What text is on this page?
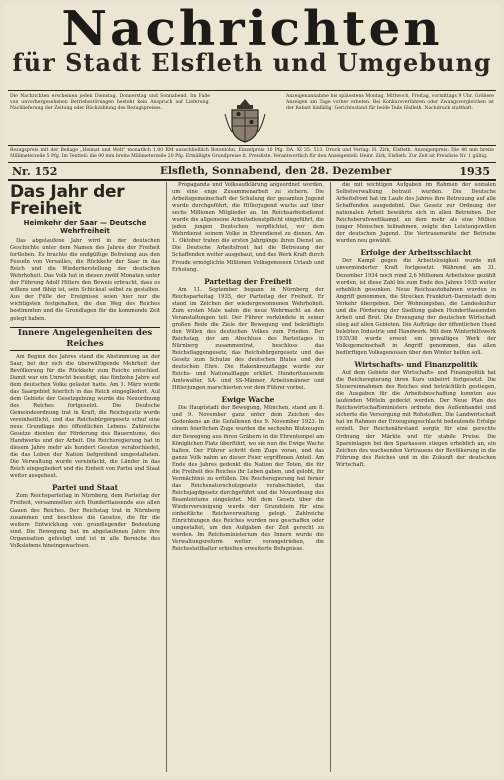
Nachrichten
für Stadt Elsfleth und Umgebung
Die Nachrichten erscheinen jeden Dienstag, Donnerstag und Sonnabend. Im Falle von unvorhergesehenen Betriebsstörungen besteht kein Anspruch auf Lieferung, Nachlieferung der Zeitung oder Rückzahlung des Bezugspreises.
Anzeigenannahme bis spätestens Montag, Mittwoch, Freitag, vormittags 9 Uhr. Größere Anzeigen am Tage vorher erbeten. Bei Konkursverfahren oder Zwangsvergleichen ist der Rabatt hinfällig. Gerichtsstand für beide Teile Elsfleth. Nachdruck statthaft.
Bezugspreis mit der Beilage „Heimat und Welt“ monatlich 1.00 RM ausschließlich Botenlohn, Einzelpreis 10 Pfg. DA. XI 35: 513. Druck und Verlag: H. Zirk, Elsfleth. Anzeigenpreis: Die 46 mm breite Millimeterzeile 5 Pfg. Im Textteil: die 90 mm breite Millimeterzeile 20 Pfg. Ermäßigte Grundpreise lt. Preisliste. Verantwortlich für den Anzeigenteil: Heinr. Zirk, Elsfleth. Zur Zeit ist Preisliste Nr. 1 gültig.
Nr. 152	Elsfleth, Sonnabend, den 28. Dezember	1935
Das Jahr der Freiheit
Heimkehr der Saar — Deutsche Wehrfreiheit

Das abgelaufene Jahr wird in der deutschen Geschichte unter dem Namen des Jahres der Freiheit fortleben. Es brachte die endgültige Befreiung aus den Fesseln von Versailles, die Rückkehr der Saar in das Reich und die Wiederherstellung der deutschen Wehrhoheit. Das Volk hat in diesen zwölf Monaten unter der Führung Adolf Hitlers den Beweis erbracht, dass es willens und fähig ist, sein Schicksal selbst zu gestalten. Aus der Fülle der Ereignisse seien hier nur die wichtigsten festgehalten, die den Weg des Reiches bestimmten und die Grundlagen für die kommende Zeit gelegt haben.

Innere Angelegenheiten des Reiches

Am Beginn des Jahres stand die Abstimmung an der Saar, bei der sich die überwältigende Mehrheit der Bevölkerung für die Rückkehr zum Reiche entschied. Damit war ein Unrecht beseitigt, das fünfzehn Jahre auf dem deutschen Volke gelastet hatte. Am 1. März wurde das Saargebiet feierlich in das Reich eingegliedert. Auf dem Gebiete der Gesetzgebung wurde die Neuordnung des Reiches fortgesetzt. Die Deutsche Gemeindeordnung trat in Kraft, die Reichsjustiz wurde vereinheitlicht, und das Reichsbürgergesetz schuf eine neue Grundlage des öffentlichen Lebens. Zahlreiche Gesetze dienten der Förderung des Bauerntums, des Handwerks und der Arbeit. Die Reichsregierung hat in diesem Jahre mehr als hundert Gesetze verabschiedet, die das Leben der Nation tiefgreifend umgestalteten. Die Verwaltung wurde vereinfacht, die Länder in das Reich eingegliedert und die Einheit von Partei und Staat weiter ausgebaut.

Partei und Staat

Zum Reichsparteitag in Nürnberg, dem Parteitag der Freiheit, versammelten sich Hunderttausende aus allen Gauen des Reiches. Der Reichstag trat in Nürnberg zusammen und beschloss die Gesetze, die für die weitere Entwicklung von grundlegender Bedeutung sind. Die Bewegung hat im abgelaufenen Jahre ihre Organisation gefestigt und ist in alle Bereiche des Volkslebens hineingewachsen.

Propaganda und Volksaufklärung angeordnet worden, um eine enge Zusammenarbeit zu sichern. Die Arbeitsgemeinschaft der Schulung der gesamten Jugend wurde durchgeführt, die Hitlerjugend wuchs auf über sechs Millionen Mitglieder an. Im Reichsarbeitsdienst wurde die allgemeine Arbeitsdienstpflicht eingeführt, die jeden jungen Deutschen verpflichtet, vor dem Wehrdienst seinem Volke in Ehrendienst zu dienen. Am 1. Oktober traten die ersten Jahrgänge ihren Dienst an. Die Deutsche Arbeitsfront hat die Betreuung der Schaffenden weiter ausgebaut, und das Werk Kraft durch Freude ermöglichte Millionen Volksgenossen Urlaub und Erholung.

Parteitag der Freiheit

Am 11. September begann in Nürnberg der Reichsparteitag 1935, der Parteitag der Freiheit. Er stand im Zeichen der wiedergewonnenen Wehrhoheit. Zum ersten Male nahm die neue Wehrmacht an den Veranstaltungen teil. Der Führer verkündete in seiner großen Rede die Ziele der Bewegung und bekräftigte den Willen des deutschen Volkes zum Frieden. Der Reichstag, der am Abschluss des Parteitages in Nürnberg zusammentrat, beschloss das Reichsflaggengesetz, das Reichsbürgergesetz und das Gesetz zum Schutze des deutschen Blutes und der deutschen Ehre. Die Hakenkreuzflagge wurde zur Reichs- und Nationalflagge erklärt. Hunderttausende Amtswalter, SA- und SS-Männer, Arbeitsmänner und Hitlerjungen marschierten vor dem Führer vorbei.

Ewige Wache

Die Hauptstadt der Bewegung, München, stand am 8. und 9. November ganz unter dem Zeichen des Gedenkens an die Gefallenen des 9. November 1923. In einem feierlichen Zuge wurden die sechzehn Blutzeugen der Bewegung aus ihren Gräbern in die Ehrentempel am Königlichen Platz überführt, wo sie nun die Ewige Wache halten. Der Führer schritt dem Zuge voran, und das ganze Volk nahm an dieser Feier ergriffenen Anteil. Am Ende des Jahres gedenkt die Nation der Toten, die für die Freiheit des Reiches ihr Leben gaben, und gelobt, ihr Vermächtnis zu erfüllen. Die Reichsregierung hat ferner das Reichsnaturschutzgesetz verabschiedet, das Reichsjagdgesetz durchgeführt und die Neuordnung des Beamtentums eingeleitet. Mit dem Gesetz über die Wiedervereinigung wurde der Grundstein für eine einheitliche Reichsverwaltung gelegt. Zahlreiche Einrichtungen des Reiches wurden neu geschaffen oder umgestaltet, um den Aufgaben der Zeit gerecht zu werden. Im Reichsministerium des Innern wurde die Verwaltungsreform weiter vorangetrieben, die Reichsstatthalter erhielten erweiterte Befugnisse.

die mit wichtigen Aufgaben im Rahmen der sozialen Selbstverwaltung betraut wurden. Die Deutsche Arbeitsfront hat im Laufe des Jahres ihre Betreuung auf alle Schaffenden ausgedehnt. Das Gesetz zur Ordnung der nationalen Arbeit bewährte sich in allen Betrieben. Der Reichsberufswettkampf, an dem mehr als eine Million junger Menschen teilnahmen, zeigte den Leistungswillen der deutschen Jugend. Die Vertrauensräte der Betriebe wurden neu gewählt.

Erfolge der Arbeitsschlacht

Der Kampf gegen die Arbeitslosigkeit wurde mit unverminderter Kraft fortgesetzt. Während am 31. Dezember 1934 noch rund 2,6 Millionen Arbeitslose gezählt wurden, ist diese Zahl bis zum Ende des Jahres 1935 weiter erheblich gesunken. Neue Reichsautobahnen wurden in Angriff genommen, die Strecken Frankfurt–Darmstadt dem Verkehr übergeben. Der Wohnungsbau, die Landeskultur und die Förderung der Siedlung gaben Hunderttausenden Arbeit und Brot. Die Erzeugung der deutschen Wirtschaft stieg auf allen Gebieten. Die Aufträge der öffentlichen Hand belebten Industrie und Handwerk. Mit dem Winterhilfswerk 1935/36 wurde erneut ein gewaltiges Werk der Volksgemeinschaft in Angriff genommen, das allen bedürftigen Volksgenossen über den Winter helfen soll.

Wirtschafts- und Finanzpolitik

Auf dem Gebiete der Wirtschafts- und Finanzpolitik hat die Reichsregierung ihren Kurs unbeirrt fortgesetzt. Die Steuereinnahmen des Reiches sind beträchtlich gestiegen, die Ausgaben für die Arbeitsbeschaffung konnten aus laufenden Mitteln gedeckt werden. Der Neue Plan des Reichswirtschaftsministers ordnete den Außenhandel und sicherte die Versorgung mit Rohstoffen. Die Landwirtschaft hat im Rahmen der Erzeugungsschlacht bedeutende Erfolge erzielt. Der Reichsnährstand sorgte für eine gerechte Ordnung der Märkte und für stabile Preise. Die Spareinlagen bei den Sparkassen stiegen erheblich an, ein Zeichen des wachsenden Vertrauens der Bevölkerung in die Führung des Reiches und in die Zukunft der deutschen Wirtschaft.
